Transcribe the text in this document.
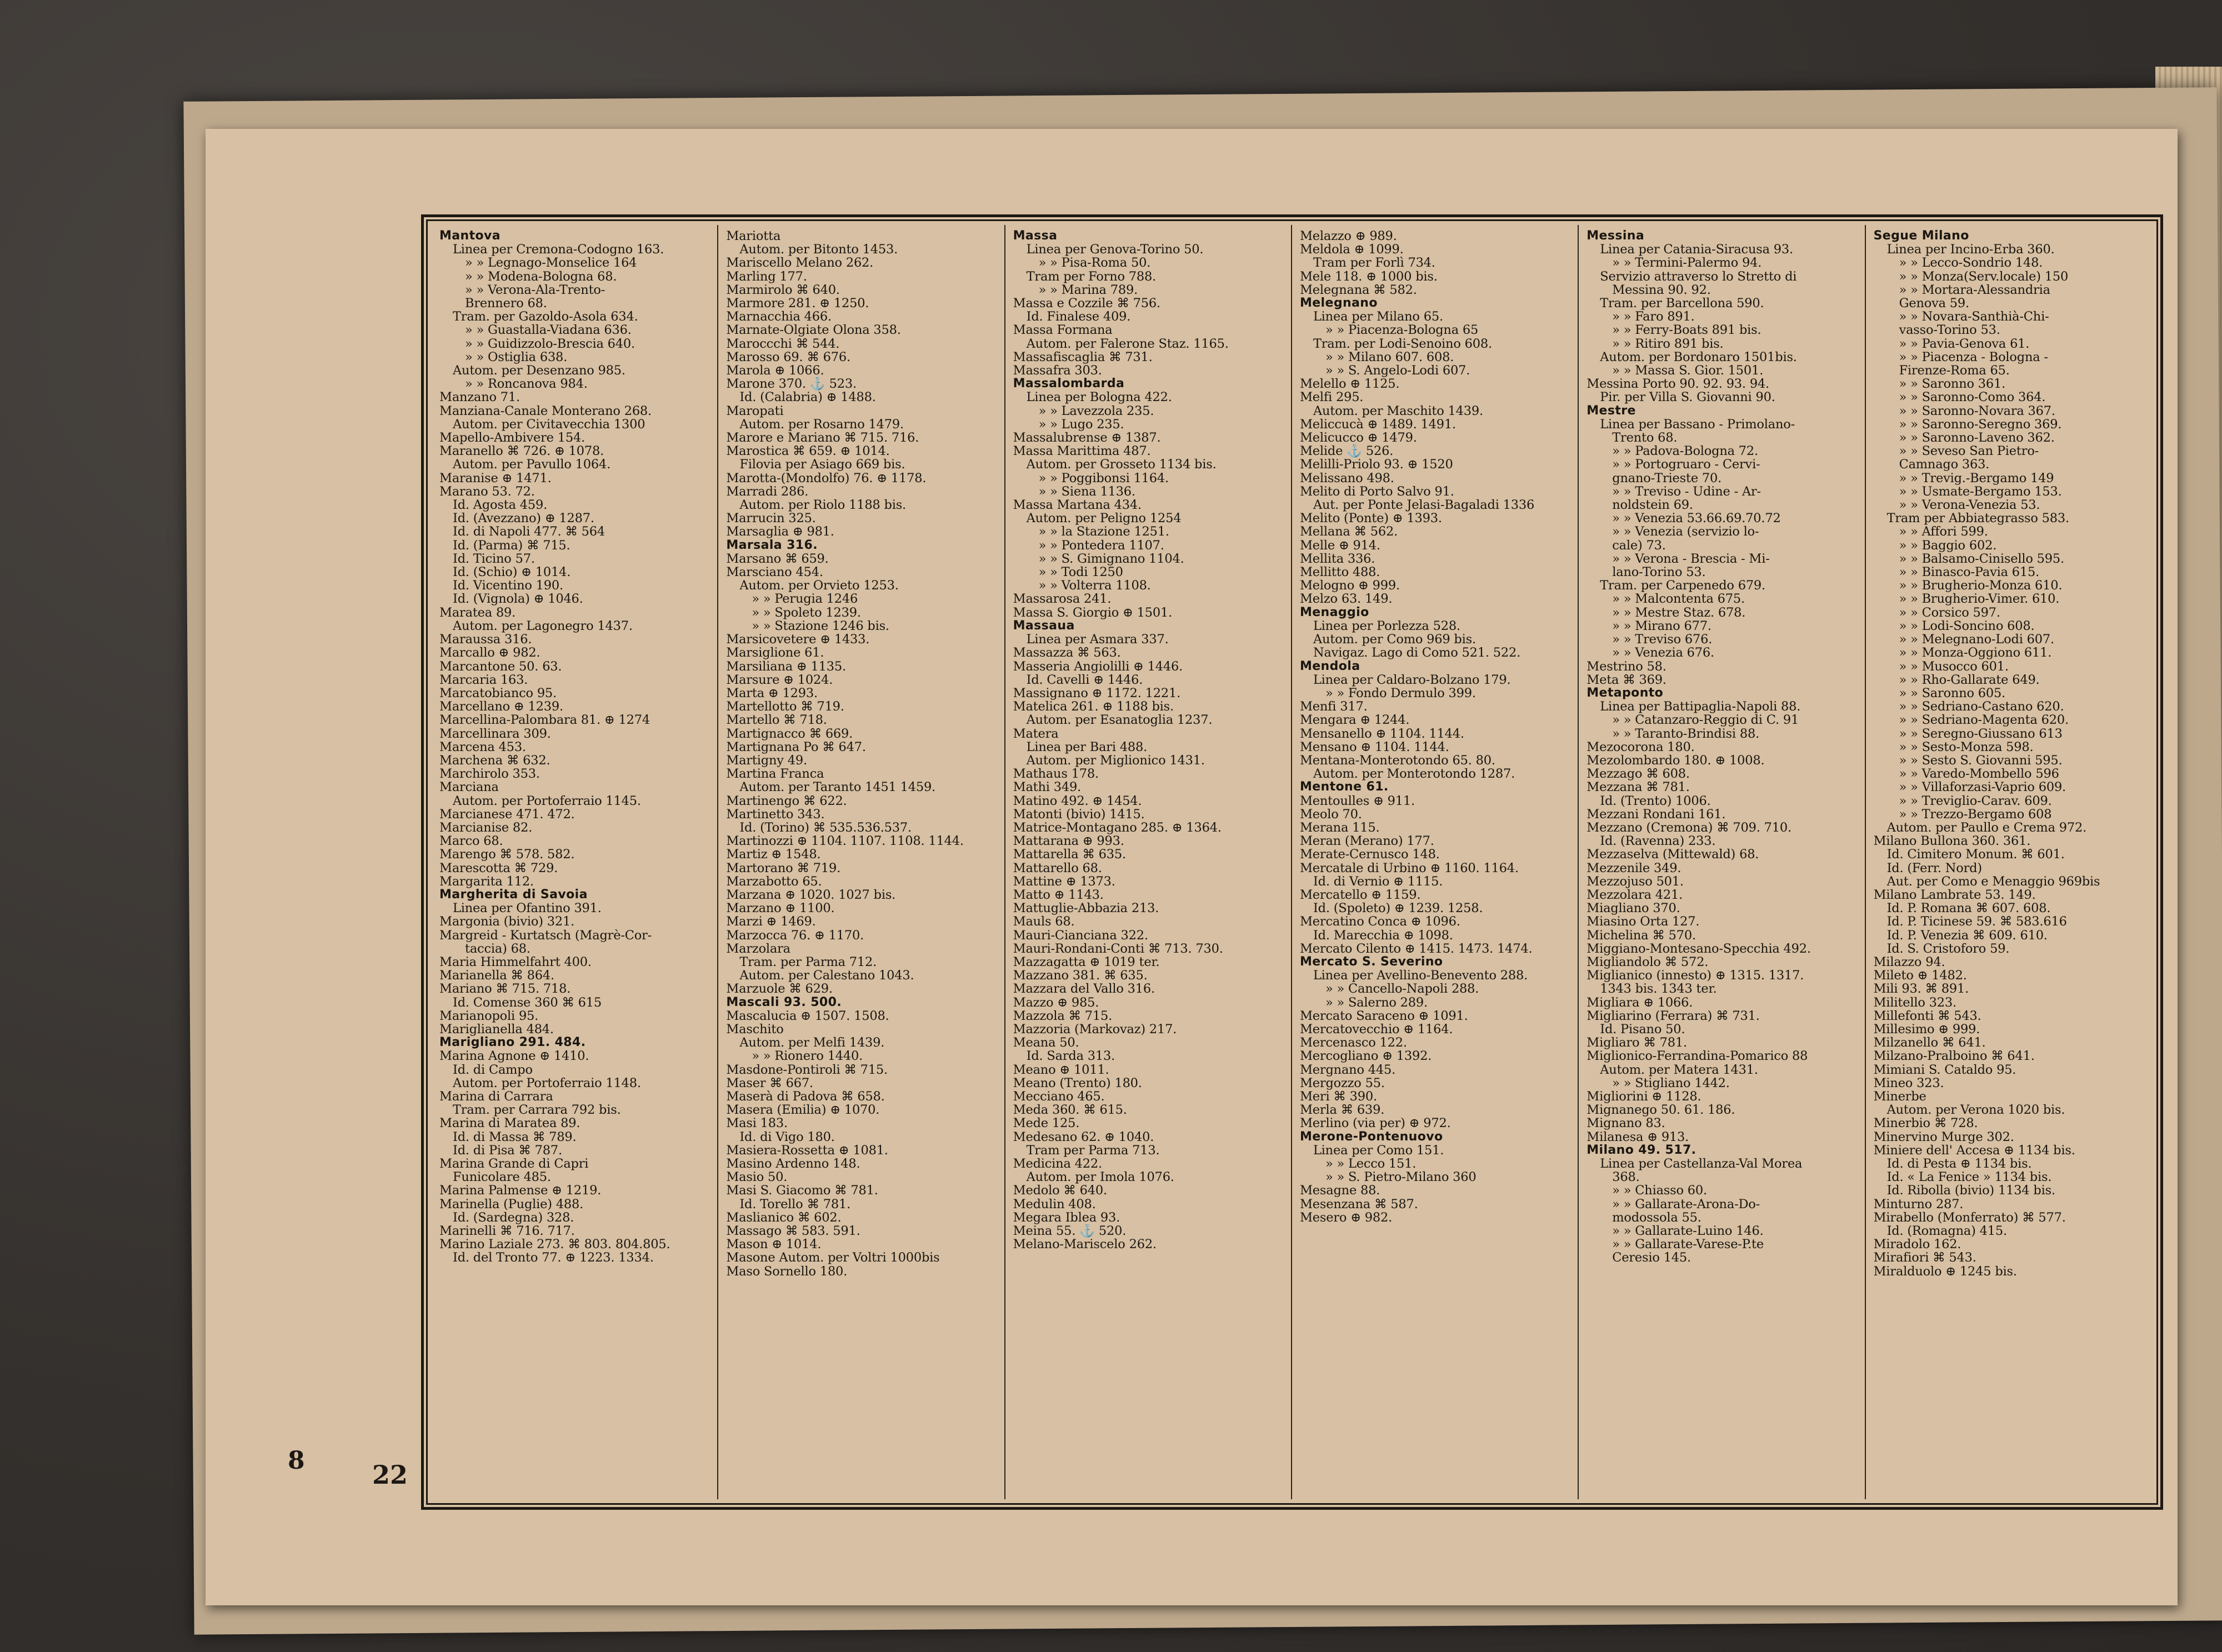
8	22
Mantova
Linea per Cremona-Codogno 163.
» » Legnago-Monselice 164
» » Modena-Bologna 68.
» » Verona-Ala-Trento-
Brennero 68.
Tram. per Gazoldo-Asola 634.
» » Guastalla-Viadana 636.
» » Guidizzolo-Brescia 640.
» » Ostiglia 638.
Autom. per Desenzano 985.
» » Roncanova 984.
Manzano 71.
Manziana-Canale Monterano 268.
Autom. per Civitavecchia 1300
Mapello-Ambivere 154.
Maranello ⌘ 726. ⊕ 1078.
Autom. per Pavullo 1064.
Maranise ⊕ 1471.
Marano 53. 72.
Id. Agosta 459.
Id. (Avezzano) ⊕ 1287.
Id. di Napoli 477. ⌘ 564
Id. (Parma) ⌘ 715.
Id. Ticino 57.
Id. (Schio) ⊕ 1014.
Id. Vicentino 190.
Id. (Vignola) ⊕ 1046.
Maratea 89.
Autom. per Lagonegro 1437.
Maraussa 316.
Marcallo ⊕ 982.
Marcantone 50. 63.
Marcaria 163.
Marcatobianco 95.
Marcellano ⊕ 1239.
Marcellina-Palombara 81. ⊕ 1274
Marcellinara 309.
Marcena 453.
Marchena ⌘ 632.
Marchirolo 353.
Marciana
Autom. per Portoferraio 1145.
Marcianese 471. 472.
Marcianise 82.
Marco 68.
Marengo ⌘ 578. 582.
Marescotta ⌘ 729.
Margarita 112.
Margherita di Savoia
Linea per Ofantino 391.
Margonia (bivio) 321.
Margreid - Kurtatsch (Magrè-Cor-
taccia) 68.
Maria Himmelfahrt 400.
Marianella ⌘ 864.
Mariano ⌘ 715. 718.
Id. Comense 360 ⌘ 615
Marianopoli 95.
Mariglianella 484.
Marigliano 291. 484.
Marina Agnone ⊕ 1410.
Id. di Campo
Autom. per Portoferraio 1148.
Marina di Carrara
Tram. per Carrara 792 bis.
Marina di Maratea 89.
Id. di Massa ⌘ 789.
Id. di Pisa ⌘ 787.
Marina Grande di Capri
Funicolare 485.
Marina Palmense ⊕ 1219.
Marinella (Puglie) 488.
Id. (Sardegna) 328.
Marinelli ⌘ 716. 717.
Marino Laziale 273. ⌘ 803. 804.805.
Id. del Tronto 77. ⊕ 1223. 1334.
Mariotta
Autom. per Bitonto 1453.
Mariscello Melano 262.
Marling 177.
Marmirolo ⌘ 640.
Marmore 281. ⊕ 1250.
Marnacchia 466.
Marnate-Olgiate Olona 358.
Maroccchi ⌘ 544.
Marosso 69. ⌘ 676.
Marola ⊕ 1066.
Marone 370. ⚓ 523.
Id. (Calabria) ⊕ 1488.
Maropati
Autom. per Rosarno 1479.
Marore e Mariano ⌘ 715. 716.
Marostica ⌘ 659. ⊕ 1014.
Filovia per Asiago 669 bis.
Marotta-(Mondolfo) 76. ⊕ 1178.
Marradi 286.
Autom. per Riolo 1188 bis.
Marrucin 325.
Marsaglia ⊕ 981.
Marsala 316.
Marsano ⌘ 659.
Marsciano 454.
Autom. per Orvieto 1253.
» » Perugia 1246
» » Spoleto 1239.
» » Stazione 1246 bis.
Marsicovetere ⊕ 1433.
Marsiglione 61.
Marsiliana ⊕ 1135.
Marsure ⊕ 1024.
Marta ⊕ 1293.
Martellotto ⌘ 719.
Martello ⌘ 718.
Martignacco ⌘ 669.
Martignana Po ⌘ 647.
Martigny 49.
Martina Franca
Autom. per Taranto 1451 1459.
Martinengo ⌘ 622.
Martinetto 343.
Id. (Torino) ⌘ 535.536.537.
Martinozzi ⊕ 1104. 1107. 1108. 1144.
Martiz ⊕ 1548.
Martorano ⌘ 719.
Marzabotto 65.
Marzana ⊕ 1020. 1027 bis.
Marzano ⊕ 1100.
Marzi ⊕ 1469.
Marzocca 76. ⊕ 1170.
Marzolara
Tram. per Parma 712.
Autom. per Calestano 1043.
Marzuole ⌘ 629.
Mascali 93. 500.
Mascalucia ⊕ 1507. 1508.
Maschito
Autom. per Melfi 1439.
» » Rionero 1440.
Masdone-Pontiroli ⌘ 715.
Maser ⌘ 667.
Maserà di Padova ⌘ 658.
Masera (Emilia) ⊕ 1070.
Masi 183.
Id. di Vigo 180.
Masiera-Rossetta ⊕ 1081.
Masino Ardenno 148.
Masio 50.
Masi S. Giacomo ⌘ 781.
Id. Torello ⌘ 781.
Maslianico ⌘ 602.
Massago ⌘ 583. 591.
Mason ⊕ 1014.
Masone Autom. per Voltri 1000bis
Maso Sornello 180.
Massa
Linea per Genova-Torino 50.
» » Pisa-Roma 50.
Tram per Forno 788.
» » Marina 789.
Massa e Cozzile ⌘ 756.
Id. Finalese 409.
Massa Formana
Autom. per Falerone Staz. 1165.
Massafiscaglia ⌘ 731.
Massafra 303.
Massalombarda
Linea per Bologna 422.
» » Lavezzola 235.
» » Lugo 235.
Massalubrense ⊕ 1387.
Massa Marittima 487.
Autom. per Grosseto 1134 bis.
» » Poggibonsi 1164.
» » Siena 1136.
Massa Martana 434.
Autom. per Peligno 1254
» » la Stazione 1251.
» » Pontedera 1107.
» » S. Gimignano 1104.
» » Todi 1250
» » Volterra 1108.
Massarosa 241.
Massa S. Giorgio ⊕ 1501.
Massaua
Linea per Asmara 337.
Massazza ⌘ 563.
Masseria Angiolilli ⊕ 1446.
Id. Cavelli ⊕ 1446.
Massignano ⊕ 1172. 1221.
Matelica 261. ⊕ 1188 bis.
Autom. per Esanatoglia 1237.
Matera
Linea per Bari 488.
Autom. per Miglionico 1431.
Mathaus 178.
Mathi 349.
Matino 492. ⊕ 1454.
Matonti (bivio) 1415.
Matrice-Montagano 285. ⊕ 1364.
Mattarana ⊕ 993.
Mattarella ⌘ 635.
Mattarello 68.
Mattine ⊕ 1373.
Matto ⊕ 1143.
Mattuglie-Abbazia 213.
Mauls 68.
Mauri-Cianciana 322.
Mauri-Rondani-Conti ⌘ 713. 730.
Mazzagatta ⊕ 1019 ter.
Mazzano 381. ⌘ 635.
Mazzara del Vallo 316.
Mazzo ⊕ 985.
Mazzola ⌘ 715.
Mazzoria (Markovaz) 217.
Meana 50.
Id. Sarda 313.
Meano ⊕ 1011.
Meano (Trento) 180.
Mecciano 465.
Meda 360. ⌘ 615.
Mede 125.
Medesano 62. ⊕ 1040.
Tram per Parma 713.
Medicina 422.
Autom. per Imola 1076.
Medolo ⌘ 640.
Medulin 408.
Megara Iblea 93.
Meina 55. ⚓ 520.
Melano-Mariscelo 262.
Melazzo ⊕ 989.
Meldola ⊕ 1099.
Tram per Forlì 734.
Mele 118. ⊕ 1000 bis.
Melegnana ⌘ 582.
Melegnano
Linea per Milano 65.
» » Piacenza-Bologna 65
Tram. per Lodi-Senoino 608.
» » Milano 607. 608.
» » S. Angelo-Lodi 607.
Melello ⊕ 1125.
Melfi 295.
Autom. per Maschito 1439.
Meliccucà ⊕ 1489. 1491.
Melicucco ⊕ 1479.
Melide ⚓ 526.
Melilli-Priolo 93. ⊕ 1520
Melissano 498.
Melito di Porto Salvo 91.
Aut. per Ponte Jelasi-Bagaladi 1336
Melito (Ponte) ⊕ 1393.
Mellana ⌘ 562.
Melle ⊕ 914.
Mellita 336.
Mellitto 488.
Melogno ⊕ 999.
Melzo 63. 149.
Menaggio
Linea per Porlezza 528.
Autom. per Como 969 bis.
Navigaz. Lago di Como 521. 522.
Mendola
Linea per Caldaro-Bolzano 179.
» » Fondo Dermulo 399.
Menfi 317.
Mengara ⊕ 1244.
Mensanello ⊕ 1104. 1144.
Mensano ⊕ 1104. 1144.
Mentana-Monterotondo 65. 80.
Autom. per Monterotondo 1287.
Mentone 61.
Mentoulles ⊕ 911.
Meolo 70.
Merana 115.
Meran (Merano) 177.
Merate-Cernusco 148.
Mercatale di Urbino ⊕ 1160. 1164.
Id. di Vernio ⊕ 1115.
Mercatello ⊕ 1159.
Id. (Spoleto) ⊕ 1239. 1258.
Mercatino Conca ⊕ 1096.
Id. Marecchia ⊕ 1098.
Mercato Cilento ⊕ 1415. 1473. 1474.
Mercato S. Severino
Linea per Avellino-Benevento 288.
» » Cancello-Napoli 288.
» » Salerno 289.
Mercato Saraceno ⊕ 1091.
Mercatovecchio ⊕ 1164.
Mercenasco 122.
Mercogliano ⊕ 1392.
Mergnano 445.
Mergozzo 55.
Meri ⌘ 390.
Merla ⌘ 639.
Merlino (via per) ⊕ 972.
Merone-Pontenuovo
Linea per Como 151.
» » Lecco 151.
» » S. Pietro-Milano 360
Mesagne 88.
Mesenzana ⌘ 587.
Mesero ⊕ 982.
Messina
Linea per Catania-Siracusa 93.
» » Termini-Palermo 94.
Servizio attraverso lo Stretto di
Messina 90. 92.
Tram. per Barcellona 590.
» » Faro 891.
» » Ferry-Boats 891 bis.
» » Ritiro 891 bis.
Autom. per Bordonaro 1501bis.
» » Massa S. Gior. 1501.
Messina Porto 90. 92. 93. 94.
Pir. per Villa S. Giovanni 90.
Mestre
Linea per Bassano - Primolano-
Trento 68.
» » Padova-Bologna 72.
» » Portogruaro - Cervi-
gnano-Trieste 70.
» » Treviso - Udine - Ar-
noldstein 69.
» » Venezia 53.66.69.70.72
» » Venezia (servizio lo-
cale) 73.
» » Verona - Brescia - Mi-
lano-Torino 53.
Tram. per Carpenedo 679.
» » Malcontenta 675.
» » Mestre Staz. 678.
» » Mirano 677.
» » Treviso 676.
» » Venezia 676.
Mestrino 58.
Meta ⌘ 369.
Metaponto
Linea per Battipaglia-Napoli 88.
» » Catanzaro-Reggio di C. 91
» » Taranto-Brindisi 88.
Mezocorona 180.
Mezolombardo 180. ⊕ 1008.
Mezzago ⌘ 608.
Mezzana ⌘ 781.
Id. (Trento) 1006.
Mezzani Rondani 161.
Mezzano (Cremona) ⌘ 709. 710.
Id. (Ravenna) 233.
Mezzaselva (Mittewald) 68.
Mezzenile 349.
Mezzojuso 501.
Mezzolara 421.
Miagliano 370.
Miasino Orta 127.
Michelina ⌘ 570.
Miggiano-Montesano-Specchia 492.
Migliandolo ⌘ 572.
Miglianico (innesto) ⊕ 1315. 1317.
1343 bis. 1343 ter.
Migliara ⊕ 1066.
Migliarino (Ferrara) ⌘ 731.
Id. Pisano 50.
Migliaro ⌘ 781.
Miglionico-Ferrandina-Pomarico 88
Autom. per Matera 1431.
» » Stigliano 1442.
Migliorini ⊕ 1128.
Mignanego 50. 61. 186.
Mignano 83.
Milanesa ⊕ 913.
Milano 49. 517.
Linea per Castellanza-Val Morea
368.
» » Chiasso 60.
» » Gallarate-Arona-Do-
modossola 55.
» » Gallarate-Luino 146.
» » Gallarate-Varese-P.te
Ceresio 145.
Segue Milano
Linea per Incino-Erba 360.
» » Lecco-Sondrio 148.
» » Monza(Serv.locale) 150
» » Mortara-Alessandria
Genova 59.
» » Novara-Santhià-Chi-
vasso-Torino 53.
» » Pavia-Genova 61.
» » Piacenza - Bologna -
Firenze-Roma 65.
» » Saronno 361.
» » Saronno-Como 364.
» » Saronno-Novara 367.
» » Saronno-Seregno 369.
» » Saronno-Laveno 362.
» » Seveso San Pietro-
Camnago 363.
» » Trevig.-Bergamo 149
» » Usmate-Bergamo 153.
» » Verona-Venezia 53.
Tram per Abbiategrasso 583.
» » Affori 599.
» » Baggio 602.
» » Balsamo-Cinisello 595.
» » Binasco-Pavia 615.
» » Brugherio-Monza 610.
» » Brugherio-Vimer. 610.
» » Corsico 597.
» » Lodi-Soncino 608.
» » Melegnano-Lodi 607.
» » Monza-Oggiono 611.
» » Musocco 601.
» » Rho-Gallarate 649.
» » Saronno 605.
» » Sedriano-Castano 620.
» » Sedriano-Magenta 620.
» » Seregno-Giussano 613
» » Sesto-Monza 598.
» » Sesto S. Giovanni 595.
» » Varedo-Mombello 596
» » Villaforzasi-Vaprio 609.
» » Treviglio-Carav. 609.
» » Trezzo-Bergamo 608
Autom. per Paullo e Crema 972.
Milano Bullona 360. 361.
Id. Cimitero Monum. ⌘ 601.
Id. (Ferr. Nord)
Aut. per Como e Menaggio 969bis
Milano Lambrate 53. 149.
Id. P. Romana ⌘ 607. 608.
Id. P. Ticinese 59. ⌘ 583.616
Id. P. Venezia ⌘ 609. 610.
Id. S. Cristoforo 59.
Milazzo 94.
Mileto ⊕ 1482.
Mili 93. ⌘ 891.
Militello 323.
Millefonti ⌘ 543.
Millesimo ⊕ 999.
Milzanello ⌘ 641.
Milzano-Pralboino ⌘ 641.
Mimiani S. Cataldo 95.
Mineo 323.
Minerbe
Autom. per Verona 1020 bis.
Minerbio ⌘ 728.
Minervino Murge 302.
Miniere dell' Accesa ⊕ 1134 bis.
Id. di Pesta ⊕ 1134 bis.
Id. « La Fenice » 1134 bis.
Id. Ribolla (bivio) 1134 bis.
Minturno 287.
Mirabello (Monferrato) ⌘ 577.
Id. (Romagna) 415.
Miradolo 162.
Mirafiori ⌘ 543.
Miralduolo ⊕ 1245 bis.
